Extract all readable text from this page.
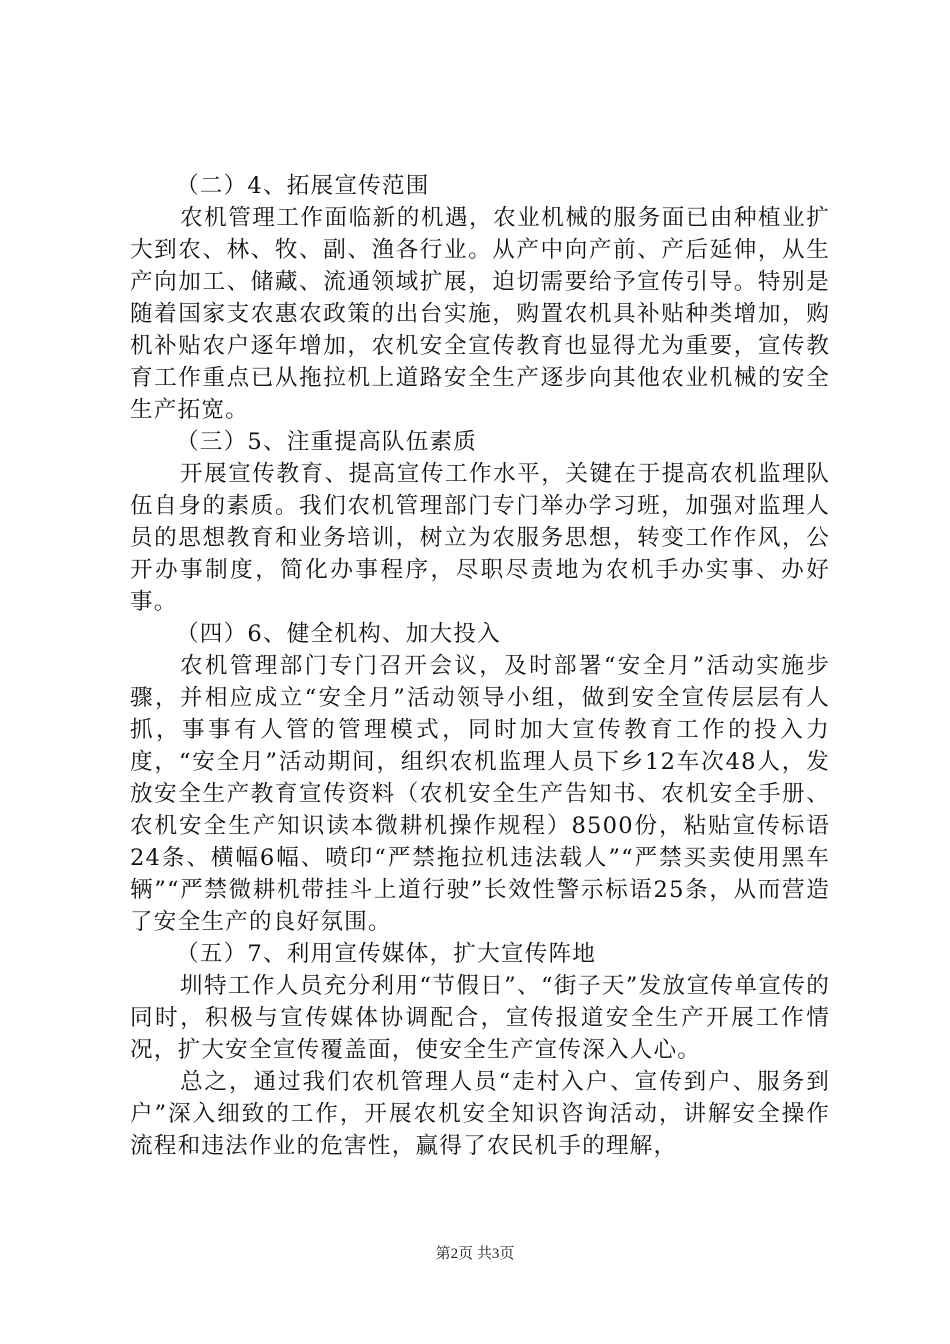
（二）4、拓展宣传范围

农机管理工作面临新的机遇，农业机械的服务面已由种植业扩大到农、林、牧、副、渔各行业。从产中向产前、产后延伸，从生产向加工、储藏、流通领域扩展，迫切需要给予宣传引导。特别是随着国家支农惠农政策的出台实施，购置农机具补贴种类增加，购机补贴农户逐年增加，农机安全宣传教育也显得尤为重要，宣传教育工作重点已从拖拉机上道路安全生产逐步向其他农业机械的安全生产拓宽。

（三）5、注重提高队伍素质

开展宣传教育、提高宣传工作水平，关键在于提高农机监理队伍自身的素质。我们农机管理部门专门举办学习班，加强对监理人员的思想教育和业务培训，树立为农服务思想，转变工作作风，公开办事制度，简化办事程序，尽职尽责地为农机手办实事、办好事。

（四）6、健全机构、加大投入

农机管理部门专门召开会议，及时部署“安全月”活动实施步骤，并相应成立“安全月”活动领导小组，做到安全宣传层层有人抓，事事有人管的管理模式，同时加大宣传教育工作的投入力度，“安全月”活动期间，组织农机监理人员下乡12车次48人，发放安全生产教育宣传资料（农机安全生产告知书、农机安全手册、农机安全生产知识读本微耕机操作规程）8500份，粘贴宣传标语24条、横幅6幅、喷印“严禁拖拉机违法载人”“严禁买卖使用黑车辆”“严禁微耕机带挂斗上道行驶”长效性警示标语25条，从而营造了安全生产的良好氛围。

（五）7、利用宣传媒体，扩大宣传阵地

圳特工作人员充分利用“节假日”、“街子天”发放宣传单宣传的同时，积极与宣传媒体协调配合，宣传报道安全生产开展工作情况，扩大安全宣传覆盖面，使安全生产宣传深入人心。

总之，通过我们农机管理人员“走村入户、宣传到户、服务到户”深入细致的工作，开展农机安全知识咨询活动，讲解安全操作流程和违法作业的危害性，赢得了农民机手的理解，

第2页 共3页
